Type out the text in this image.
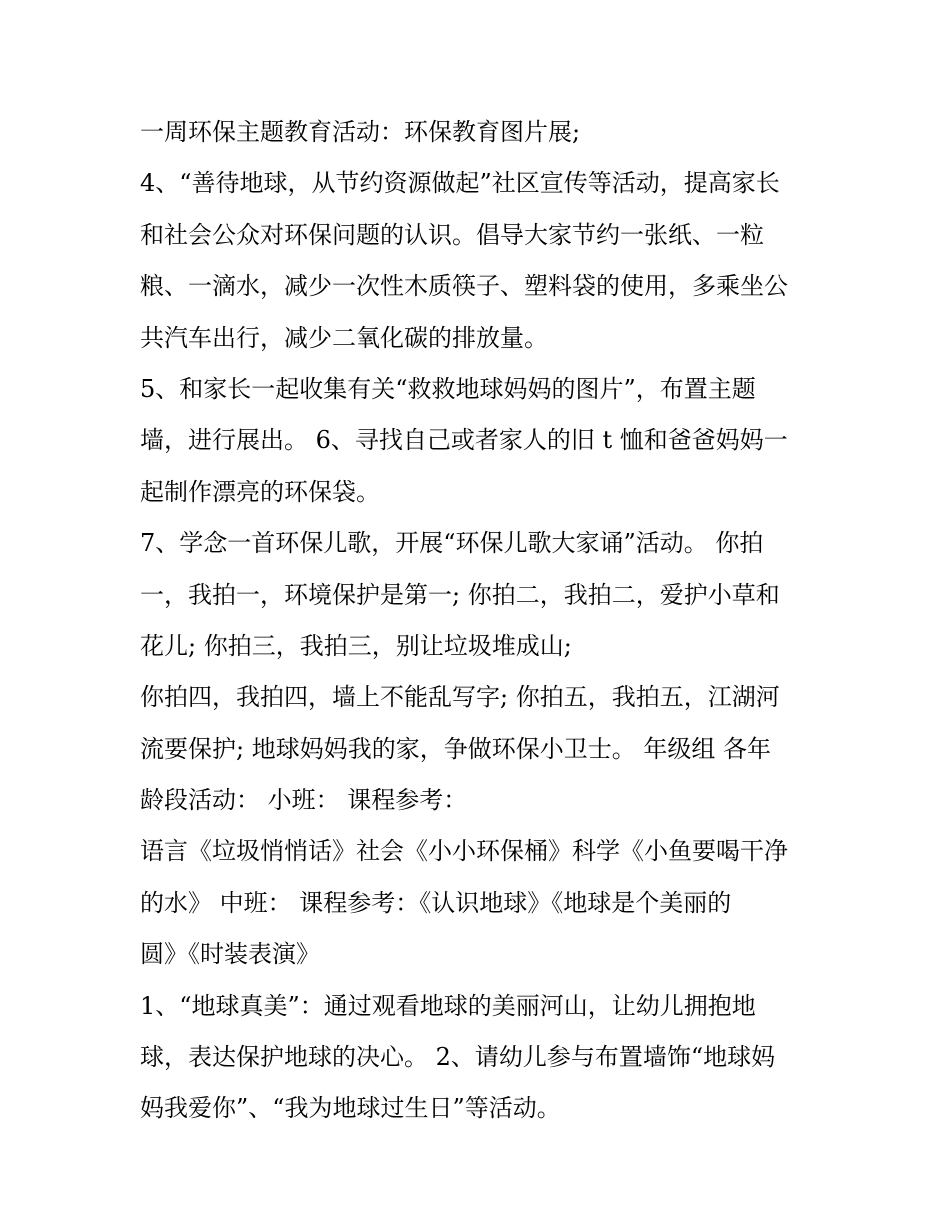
一周环保主题教育活动：环保教育图片展;

4、“善待地球，从节约资源做起”社区宣传等活动，提高家长

和社会公众对环保问题的认识。倡导大家节约一张纸、一粒

粮、一滴水，减少一次性木质筷子、塑料袋的使用，多乘坐公

共汽车出行，减少二氧化碳的排放量。

5、和家长一起收集有关“救救地球妈妈的图片”，布置主题

墙，进行展出。 6、寻找自己或者家人的旧 t 恤和爸爸妈妈一

起制作漂亮的环保袋。

7、学念一首环保儿歌，开展“环保儿歌大家诵”活动。 你拍

一，我拍一，环境保护是第一; 你拍二，我拍二，爱护小草和

花儿; 你拍三，我拍三，别让垃圾堆成山;

你拍四，我拍四，墙上不能乱写字; 你拍五，我拍五，江湖河

流要保护; 地球妈妈我的家，争做环保小卫士。 年级组 各年

龄段活动： 小班： 课程参考：

语言《垃圾悄悄话》社会《小小环保桶》科学《小鱼要喝干净

的水》 中班： 课程参考：《认识地球》《地球是个美丽的

圆》《时装表演》

1、“地球真美”：通过观看地球的美丽河山，让幼儿拥抱地

球，表达保护地球的决心。 2、请幼儿参与布置墙饰“地球妈

妈我爱你”、“我为地球过生日”等活动。
